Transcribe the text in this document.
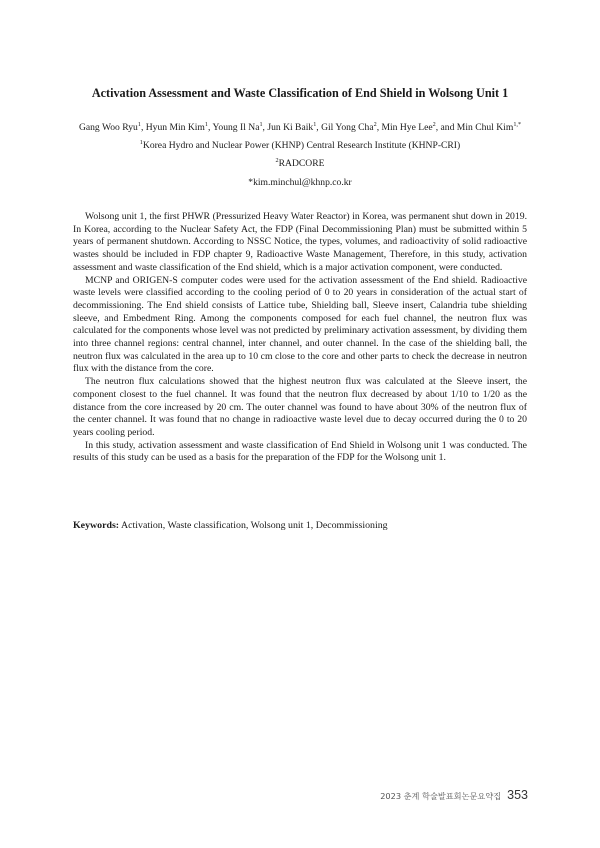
Activation Assessment and Waste Classification of End Shield in Wolsong Unit 1
Gang Woo Ryu$^1$, Hyun Min Kim$^1$, Young Il Na$^1$, Jun Ki Baik$^1$, Gil Yong Cha$^2$, Min Hye Lee$^2$, and Min Chul Kim$^{1,*}$
$^1$Korea Hydro and Nuclear Power (KHNP) Central Research Institute (KHNP-CRI)
$^2$RADCORE
*kim.minchul@khnp.co.kr

Wolsong unit 1, the first PHWR (Pressurized Heavy Water Reactor) in Korea, was permanent shut down in 2019. In Korea, according to the Nuclear Safety Act, the FDP (Final Decommissioning Plan) must be submitted within 5 years of permanent shutdown. According to NSSC Notice, the types, volumes, and radioactivity of solid radioactive wastes should be included in FDP chapter 9, Radioactive Waste Management, Therefore, in this study, activation assessment and waste classification of the End shield, which is a major activation component, were conducted.

MCNP and ORIGEN-S computer codes were used for the activation assessment of the End shield. Radioactive waste levels were classified according to the cooling period of 0 to 20 years in consideration of the actual start of decommissioning. The End shield consists of Lattice tube, Shielding ball, Sleeve insert, Calandria tube shielding sleeve, and Embedment Ring. Among the components composed for each fuel channel, the neutron flux was calculated for the components whose level was not predicted by preliminary activation assessment, by dividing them into three channel regions: central channel, inter channel, and outer channel. In the case of the shielding ball, the neutron flux was calculated in the area up to 10 cm close to the core and other parts to check the decrease in neutron flux with the distance from the core.

The neutron flux calculations showed that the highest neutron flux was calculated at the Sleeve insert, the component closest to the fuel channel. It was found that the neutron flux decreased by about 1/10 to 1/20 as the distance from the core increased by 20 cm. The outer channel was found to have about 30% of the neutron flux of the center channel. It was found that no change in radioactive waste level due to decay occurred during the 0 to 20 years cooling period.

In this study, activation assessment and waste classification of End Shield in Wolsong unit 1 was conducted. The results of this study can be used as a basis for the preparation of the FDP for the Wolsong unit 1.

Keywords: Activation, Waste classification, Wolsong unit 1, Decommissioning
2023 춘계 학술발표회논문요약집 353
